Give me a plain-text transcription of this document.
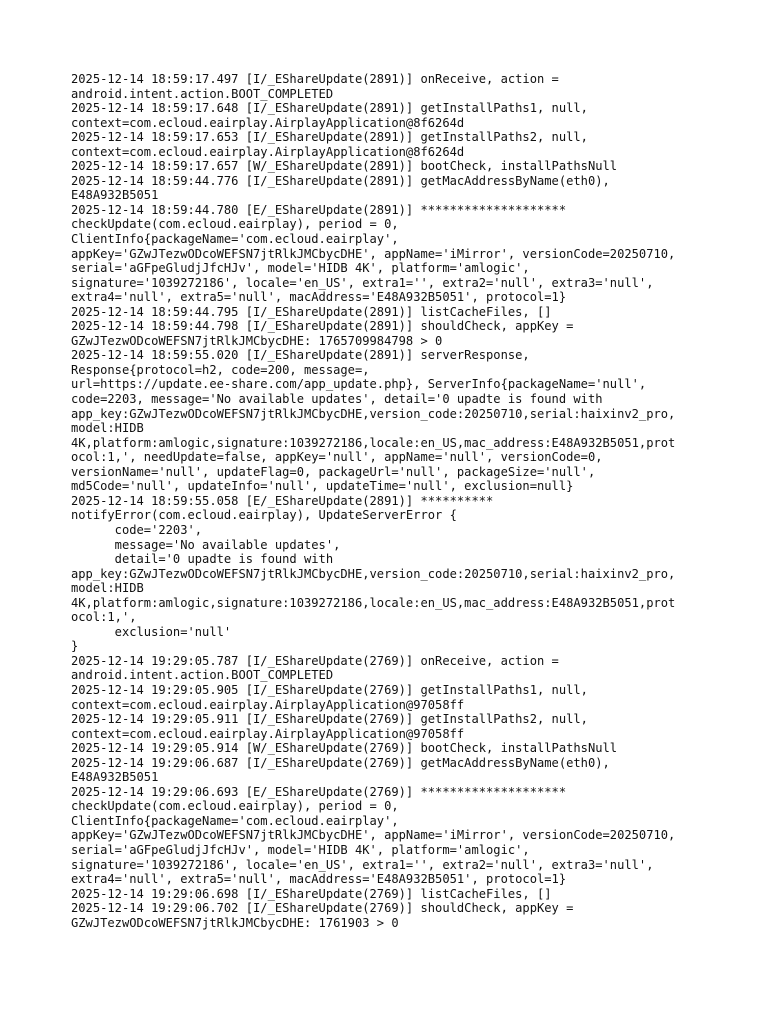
2025-12-14 18:59:17.497 [I/_EShareUpdate(2891)] onReceive, action =
android.intent.action.BOOT_COMPLETED
2025-12-14 18:59:17.648 [I/_EShareUpdate(2891)] getInstallPaths1, null,
context=com.ecloud.eairplay.AirplayApplication@8f6264d
2025-12-14 18:59:17.653 [I/_EShareUpdate(2891)] getInstallPaths2, null,
context=com.ecloud.eairplay.AirplayApplication@8f6264d
2025-12-14 18:59:17.657 [W/_EShareUpdate(2891)] bootCheck, installPathsNull
2025-12-14 18:59:44.776 [I/_EShareUpdate(2891)] getMacAddressByName(eth0),
E48A932B5051
2025-12-14 18:59:44.780 [E/_EShareUpdate(2891)] ********************
checkUpdate(com.ecloud.eairplay), period = 0,
ClientInfo{packageName='com.ecloud.eairplay',
appKey='GZwJTezwODcoWEFSN7jtRlkJMCbycDHE', appName='iMirror', versionCode=20250710,
serial='aGFpeGludjJfcHJv', model='HIDB 4K', platform='amlogic',
signature='1039272186', locale='en_US', extra1='', extra2='null', extra3='null',
extra4='null', extra5='null', macAddress='E48A932B5051', protocol=1}
2025-12-14 18:59:44.795 [I/_EShareUpdate(2891)] listCacheFiles, []
2025-12-14 18:59:44.798 [I/_EShareUpdate(2891)] shouldCheck, appKey =
GZwJTezwODcoWEFSN7jtRlkJMCbycDHE: 1765709984798 > 0
2025-12-14 18:59:55.020 [I/_EShareUpdate(2891)] serverResponse,
Response{protocol=h2, code=200, message=,
url=https://update.ee-share.com/app_update.php}, ServerInfo{packageName='null',
code=2203, message='No available updates', detail='0 upadte is found with
app_key:GZwJTezwODcoWEFSN7jtRlkJMCbycDHE,version_code:20250710,serial:haixinv2_pro,
model:HIDB
4K,platform:amlogic,signature:1039272186,locale:en_US,mac_address:E48A932B5051,prot
ocol:1,', needUpdate=false, appKey='null', appName='null', versionCode=0,
versionName='null', updateFlag=0, packageUrl='null', packageSize='null',
md5Code='null', updateInfo='null', updateTime='null', exclusion=null}
2025-12-14 18:59:55.058 [E/_EShareUpdate(2891)] **********
notifyError(com.ecloud.eairplay), UpdateServerError {
code='2203',
message='No available updates',
detail='0 upadte is found with
app_key:GZwJTezwODcoWEFSN7jtRlkJMCbycDHE,version_code:20250710,serial:haixinv2_pro,
model:HIDB
4K,platform:amlogic,signature:1039272186,locale:en_US,mac_address:E48A932B5051,prot
ocol:1,',
exclusion='null'
}
2025-12-14 19:29:05.787 [I/_EShareUpdate(2769)] onReceive, action =
android.intent.action.BOOT_COMPLETED
2025-12-14 19:29:05.905 [I/_EShareUpdate(2769)] getInstallPaths1, null,
context=com.ecloud.eairplay.AirplayApplication@97058ff
2025-12-14 19:29:05.911 [I/_EShareUpdate(2769)] getInstallPaths2, null,
context=com.ecloud.eairplay.AirplayApplication@97058ff
2025-12-14 19:29:05.914 [W/_EShareUpdate(2769)] bootCheck, installPathsNull
2025-12-14 19:29:06.687 [I/_EShareUpdate(2769)] getMacAddressByName(eth0),
E48A932B5051
2025-12-14 19:29:06.693 [E/_EShareUpdate(2769)] ********************
checkUpdate(com.ecloud.eairplay), period = 0,
ClientInfo{packageName='com.ecloud.eairplay',
appKey='GZwJTezwODcoWEFSN7jtRlkJMCbycDHE', appName='iMirror', versionCode=20250710,
serial='aGFpeGludjJfcHJv', model='HIDB 4K', platform='amlogic',
signature='1039272186', locale='en_US', extra1='', extra2='null', extra3='null',
extra4='null', extra5='null', macAddress='E48A932B5051', protocol=1}
2025-12-14 19:29:06.698 [I/_EShareUpdate(2769)] listCacheFiles, []
2025-12-14 19:29:06.702 [I/_EShareUpdate(2769)] shouldCheck, appKey =
GZwJTezwODcoWEFSN7jtRlkJMCbycDHE: 1761903 > 0
